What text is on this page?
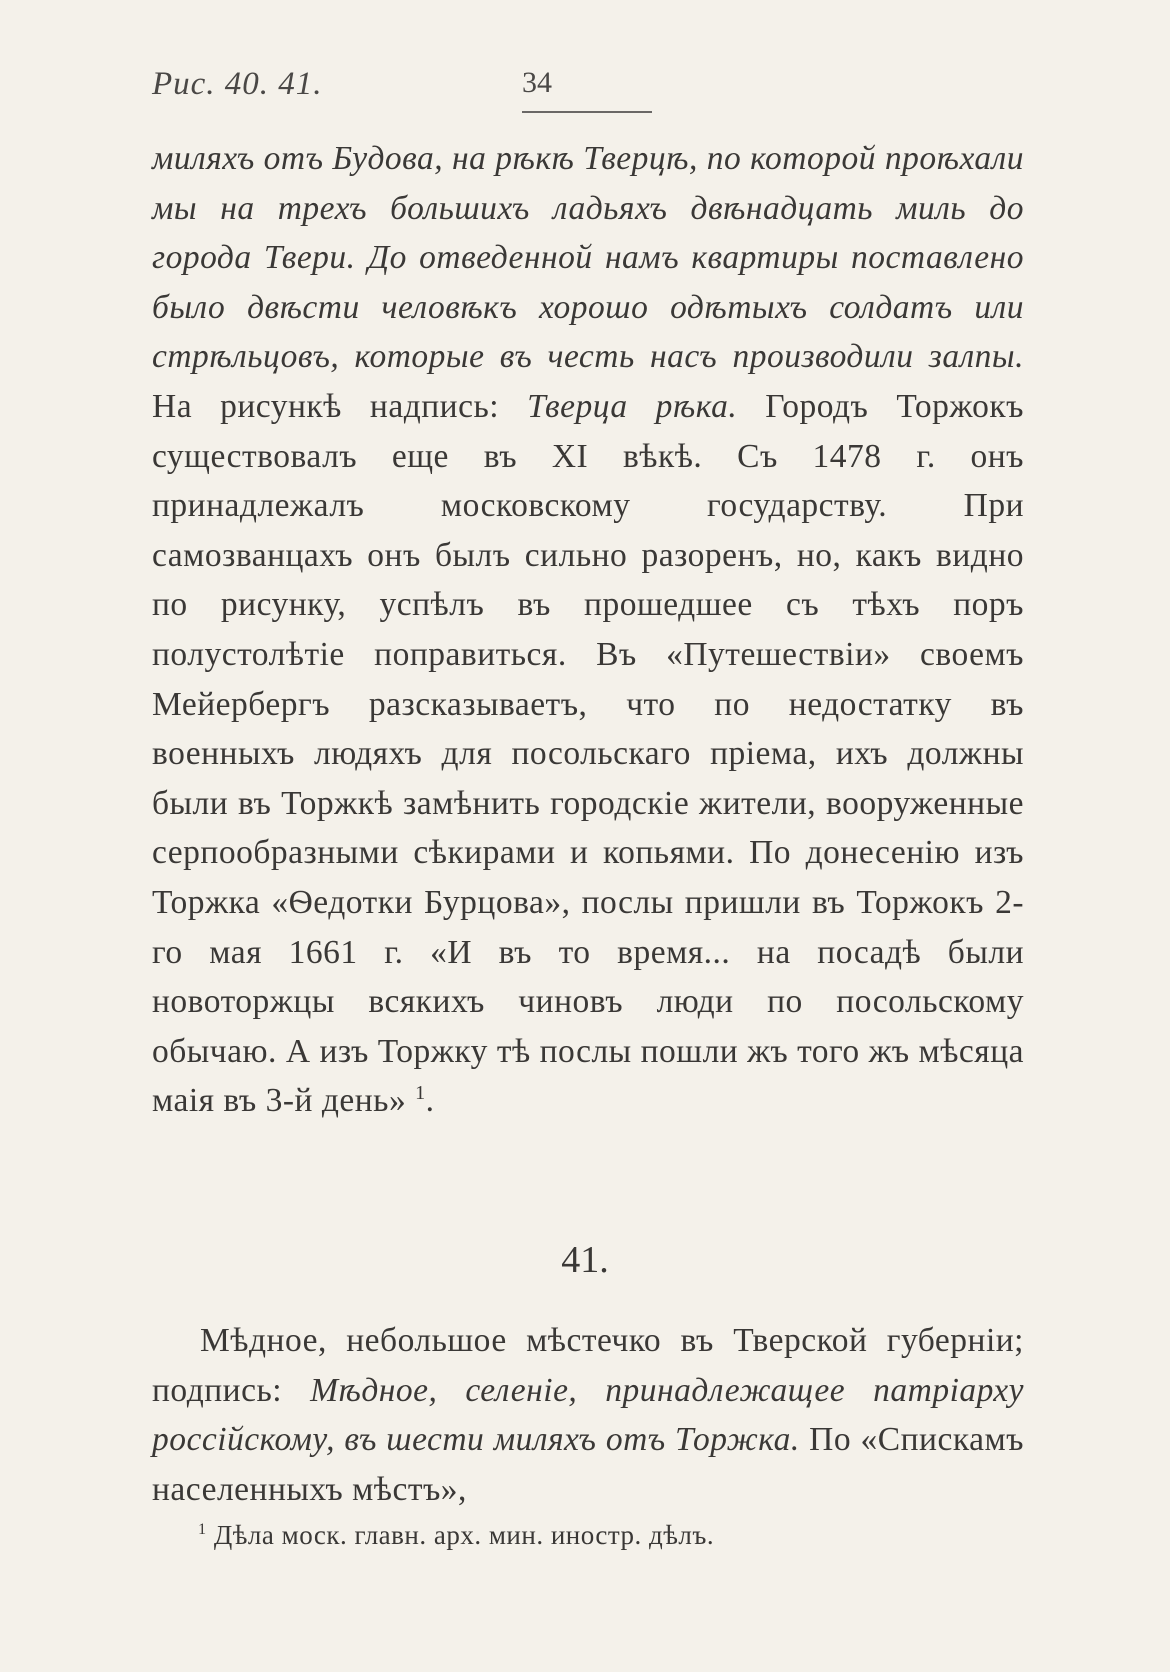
Рис. 40. 41.	34

миляхъ отъ Будова, на рѣкѣ Тверцѣ, по которой проѣхали мы на трехъ большихъ ладьяхъ двѣнадцать миль до города Твери. До отведенной намъ квартиры поставлено было двѣсти человѣкъ хорошо одѣтыхъ солдатъ или стрѣльцовъ, которые въ честь насъ производили залпы. На рисункѣ надпись: Тверца рѣка. Городъ Торжокъ существовалъ еще въ XI вѣкѣ. Съ 1478 г. онъ принадлежалъ московскому государству. При самозванцахъ онъ былъ сильно разоренъ, но, какъ видно по рисунку, успѣлъ въ прошедшее съ тѣхъ поръ полустолѣтіе поправиться. Въ «Путешествіи» своемъ Мейербергъ разсказываетъ, что по недостатку въ военныхъ людяхъ для посольскаго пріема, ихъ должны были въ Торжкѣ замѣнить городскіе жители, вооруженные серпообразными сѣкирами и копьями. По донесенію изъ Торжка «Ѳедотки Бурцова», послы пришли въ Торжокъ 2-го мая 1661 г. «И въ то время... на посадѣ были новоторжцы всякихъ чиновъ люди по посольскому обычаю. А изъ Торжку тѣ послы пошли жъ того жъ мѣсяца маія въ 3-й день» $^1$.

41.

Мѣдное, небольшое мѣстечко въ Тверской губерніи; подпись: Мѣдное, селеніе, принадлежащее патріарху россійскому, въ шести миляхъ отъ Торжка. По «Спискамъ населенныхъ мѣстъ»,

$^1$ Дѣла моск. главн. арх. мин. иностр. дѣлъ.
